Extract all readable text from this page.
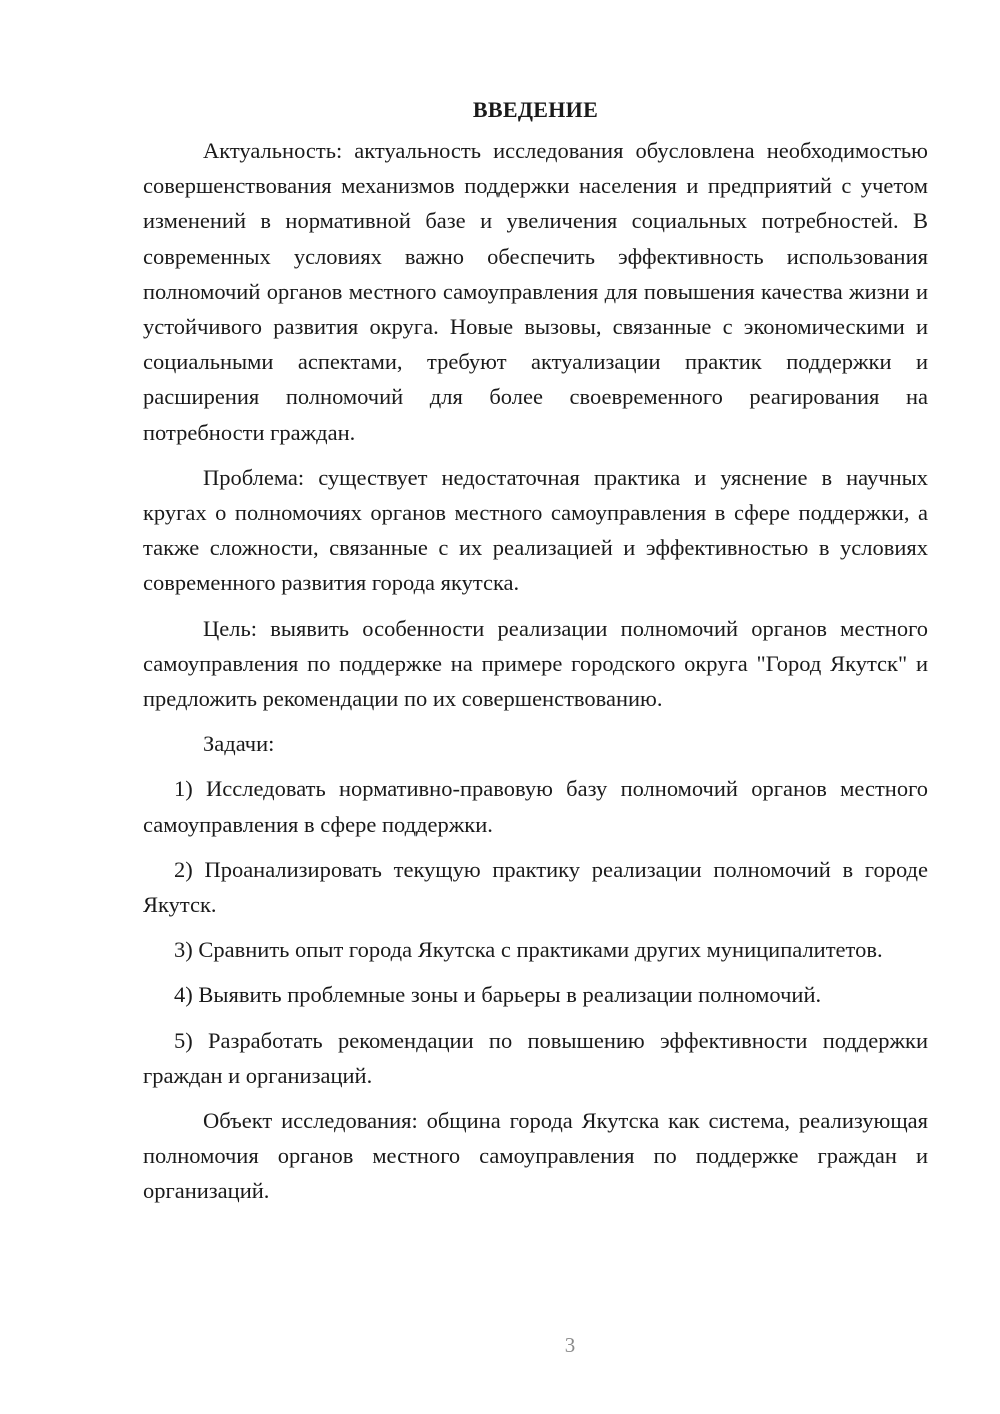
ВВЕДЕНИЕ

Актуальность: актуальность исследования обусловлена необходимостью совершенствования механизмов поддержки населения и предприятий с учетом изменений в нормативной базе и увеличения социальных потребностей. В современных условиях важно обеспечить эффективность использования полномочий органов местного самоуправления для повышения качества жизни и устойчивого развития округа. Новые вызовы, связанные с экономическими и социальными аспектами, требуют актуализации практик поддержки и расширения полномочий для более своевременного реагирования на потребности граждан.

Проблема: существует недостаточная практика и уяснение в научных кругах о полномочиях органов местного самоуправления в сфере поддержки, а также сложности, связанные с их реализацией и эффективностью в условиях современного развития города якутска.

Цель: выявить особенности реализации полномочий органов местного самоуправления по поддержке на примере городского округа "Город Якутск" и предложить рекомендации по их совершенствованию.

Задачи:

1) Исследовать нормативно-правовую базу полномочий органов местного самоуправления в сфере поддержки.

2) Проанализировать текущую практику реализации полномочий в городе Якутск.

3) Сравнить опыт города Якутска с практиками других муниципалитетов.

4) Выявить проблемные зоны и барьеры в реализации полномочий.

5) Разработать рекомендации по повышению эффективности поддержки граждан и организаций.

Объект исследования: община города Якутска как система, реализующая полномочия органов местного самоуправления по поддержке граждан и организаций.

3
